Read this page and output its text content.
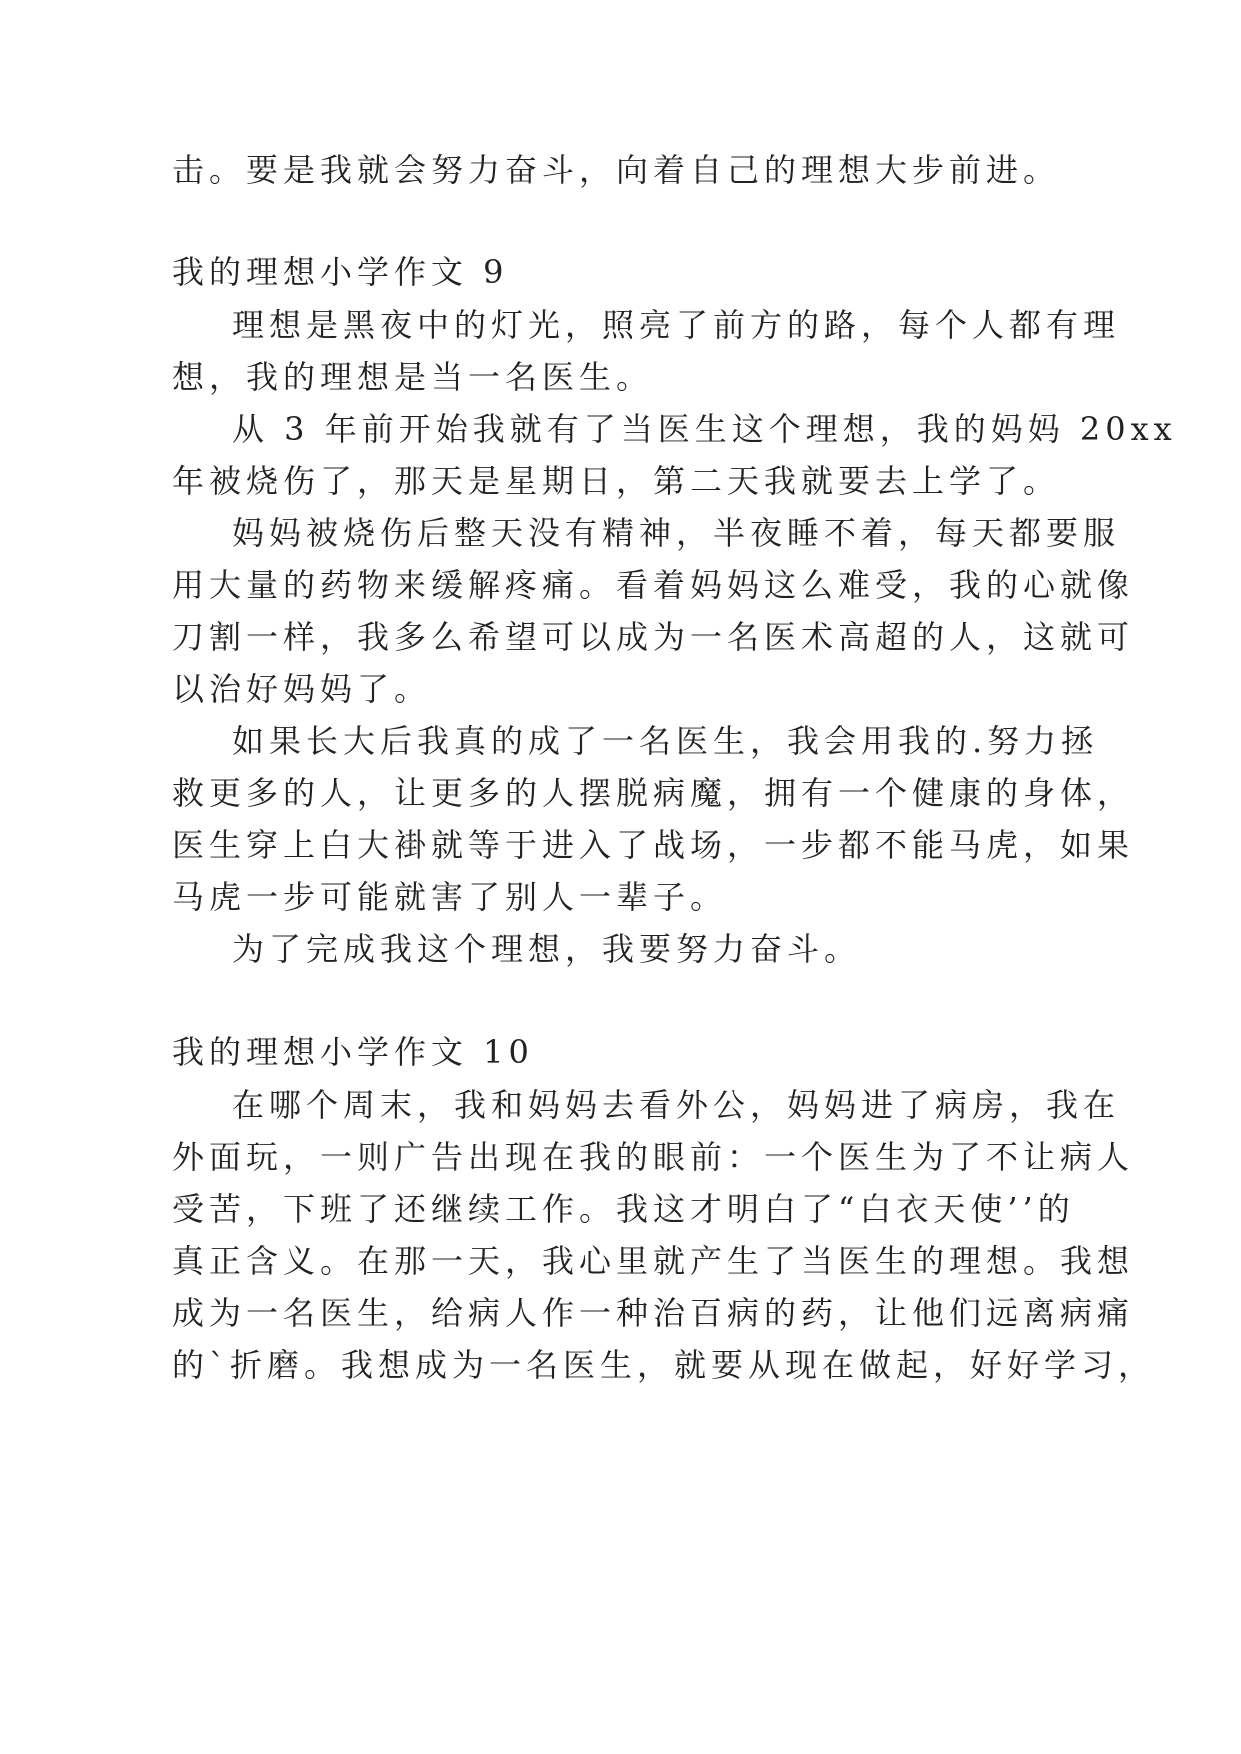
击。要是我就会努力奋斗，向着自己的理想大步前进。
我的理想小学作文 9
理想是黑夜中的灯光，照亮了前方的路，每个人都有理
想，我的理想是当一名医生。
从 3 年前开始我就有了当医生这个理想，我的妈妈 20xx
年被烧伤了，那天是星期日，第二天我就要去上学了。
妈妈被烧伤后整天没有精神，半夜睡不着，每天都要服
用大量的药物来缓解疼痛。看着妈妈这么难受，我的心就像
刀割一样，我多么希望可以成为一名医术高超的人，这就可
以治好妈妈了。
如果长大后我真的成了一名医生，我会用我的.努力拯
救更多的人，让更多的人摆脱病魔，拥有一个健康的身体，
医生穿上白大褂就等于进入了战场，一步都不能马虎，如果
马虎一步可能就害了别人一辈子。
为了完成我这个理想，我要努力奋斗。
我的理想小学作文 10
在哪个周末，我和妈妈去看外公，妈妈进了病房，我在
外面玩，一则广告出现在我的眼前：一个医生为了不让病人
受苦，下班了还继续工作。我这才明白了“白衣天使’’的
真正含义。在那一天，我心里就产生了当医生的理想。我想
成为一名医生，给病人作一种治百病的药，让他们远离病痛
的`折磨。我想成为一名医生，就要从现在做起，好好学习，
